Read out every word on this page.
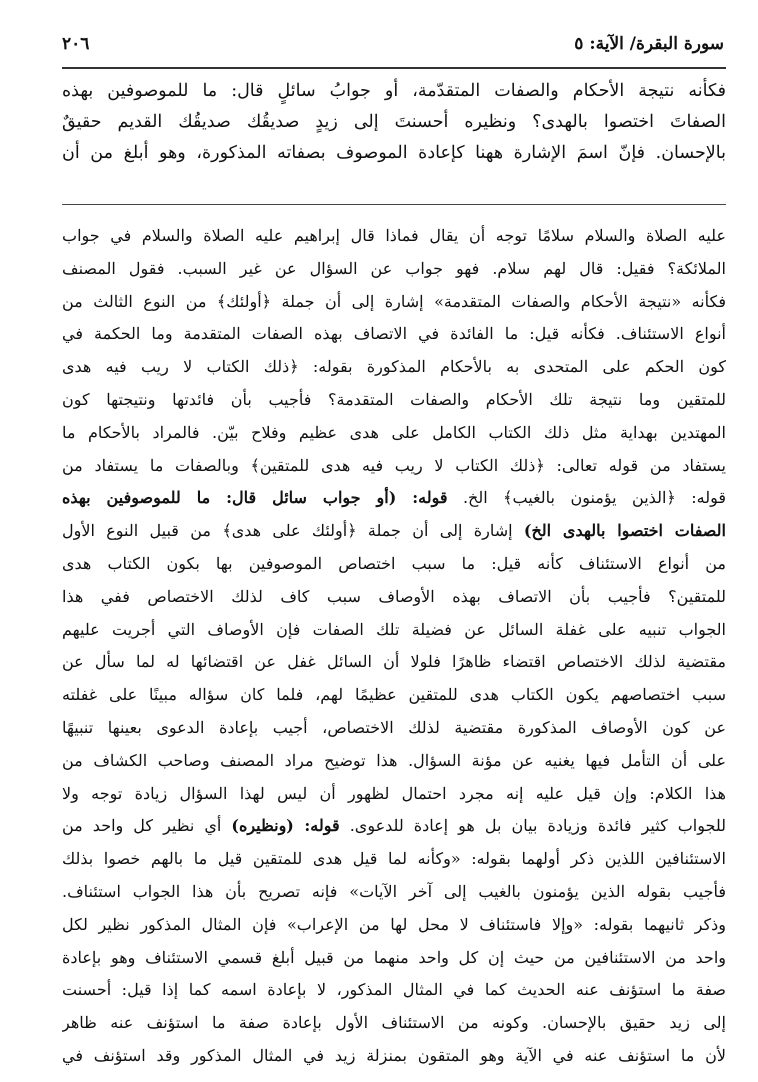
سورة البقرة/ الآية: ٥
٢٠٦
فكأنه نتيجة الأحكام والصفات المتقدّمة، أو جوابُ سائلٍ قال: ما للموصوفين بهذه
الصفاتَ اختصوا بالهدى؟ ونظيره أحسنتَ إلى زيدٍ صديقُك صديقُك القديم حقيقٌ
بالإحسان. فإنّ اسمَ الإشارة ههنا كإعادة الموصوف بصفاته المذكورة، وهو أبلغ من أن
عليه الصلاة والسلام سلامًا توجه أن يقال فماذا قال إبراهيم عليه الصلاة والسلام في جواب
الملائكة؟ فقيل: قال لهم سلام. فهو جواب عن السؤال عن غير السبب. فقول المصنف
فكأنه «نتيجة الأحكام والصفات المتقدمة» إشارة إلى أن جملة ﴿أولئك﴾ من النوع الثالث من
أنواع الاستئناف. فكأنه قيل: ما الفائدة في الاتصاف بهذه الصفات المتقدمة وما الحكمة في
كون الحكم على المتحدى به بالأحكام المذكورة بقوله: ﴿ذلك الكتاب لا ريب فيه هدى
للمتقين وما نتيجة تلك الأحكام والصفات المتقدمة؟ فأجيب بأن فائدتها ونتيجتها كون
المهتدين بهداية مثل ذلك الكتاب الكامل على هدى عظيم وفلاح بيّن. فالمراد بالأحكام ما
يستفاد من قوله تعالى: ﴿ذلك الكتاب لا ريب فيه هدى للمتقين﴾ وبالصفات ما يستفاد من
قوله: ﴿الذين يؤمنون بالغيب﴾ الخ. قوله: (أو جواب سائل قال: ما للموصوفين بهذه
الصفات اختصوا بالهدى الخ) إشارة إلى أن جملة ﴿أولئك على هدى﴾ من قبيل النوع الأول
من أنواع الاستئناف كأنه قيل: ما سبب اختصاص الموصوفين بها بكون الكتاب هدى
للمتقين؟ فأجيب بأن الاتصاف بهذه الأوصاف سبب كاف لذلك الاختصاص ففي هذا
الجواب تنبيه على غفلة السائل عن فضيلة تلك الصفات فإن الأوصاف التي أجريت عليهم
مقتضية لذلك الاختصاص اقتضاء ظاهرًا فلولا أن السائل غفل عن اقتضائها له لما سأل عن
سبب اختصاصهم يكون الكتاب هدى للمتقين عظيمًا لهم، فلما كان سؤاله مبينًا على غفلته
عن كون الأوصاف المذكورة مقتضية لذلك الاختصاص، أجيب بإعادة الدعوى بعينها تنبيهًا
على أن التأمل فيها يغنيه عن مؤنة السؤال. هذا توضيح مراد المصنف وصاحب الكشاف من
هذا الكلام: وإن قيل عليه إنه مجرد احتمال لظهور أن ليس لهذا السؤال زيادة توجه ولا
للجواب كثير فائدة وزيادة بيان بل هو إعادة للدعوى. قوله: (ونظيره) أي نظير كل واحد من
الاستئنافين اللذين ذكر أولهما بقوله: «وكأنه لما قيل هدى للمتقين قيل ما بالهم خصوا بذلك
فأجيب بقوله الذين يؤمنون بالغيب إلى آخر الآيات» فإنه تصريح بأن هذا الجواب استئناف.
وذكر ثانيهما بقوله: «وإلا فاستئناف لا محل لها من الإعراب» فإن المثال المذكور نظير لكل
واحد من الاستئنافين من حيث إن كل واحد منهما من قبيل أبلغ قسمي الاستئناف وهو بإعادة
صفة ما استؤنف عنه الحديث كما في المثال المذكور، لا بإعادة اسمه كما إذا قيل: أحسنت
إلى زيد حقيق بالإحسان. وكونه من الاستئناف الأول بإعادة صفة ما استؤنف عنه ظاهر
لأن ما استؤنف عنه في الآية وهو المتقون بمنزلة زيد في المثال المذكور وقد استؤنف في
